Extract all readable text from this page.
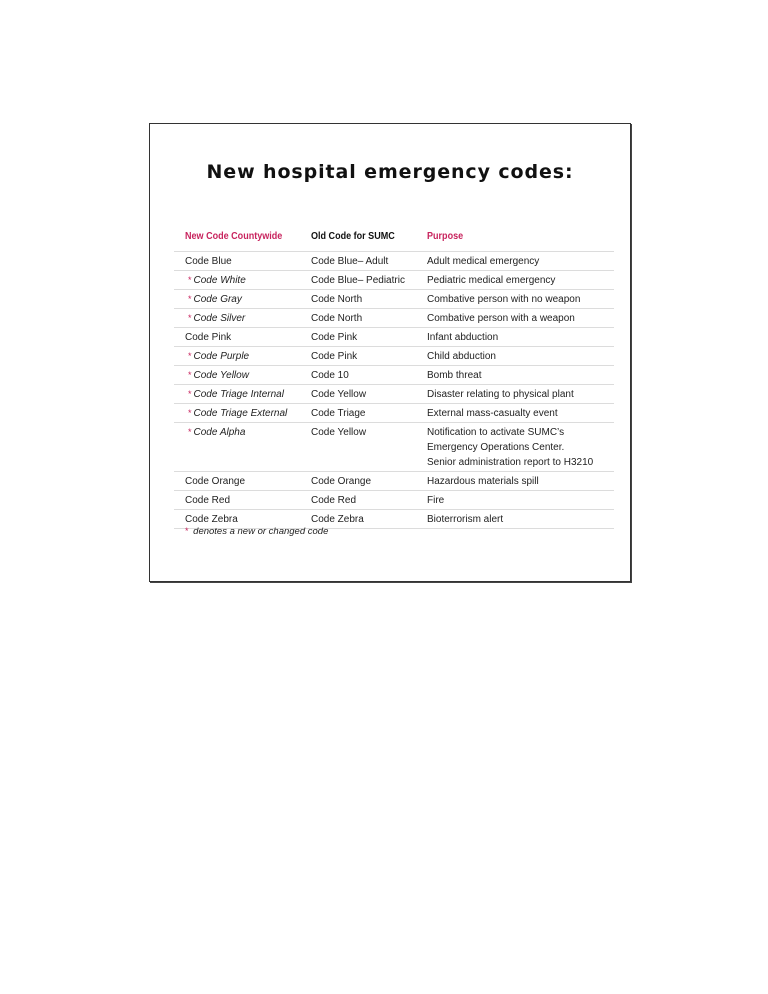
New hospital emergency codes:
New Code Countywide	Old Code for SUMC	Purpose
Code Blue	Code Blue– Adult	Adult medical emergency
* Code White	Code Blue– Pediatric	Pediatric medical emergency
* Code Gray	Code North	Combative person with no weapon
* Code Silver	Code North	Combative person with a weapon
Code Pink	Code Pink	Infant abduction
* Code Purple	Code Pink	Child abduction
* Code Yellow	Code 10	Bomb threat
* Code Triage Internal	Code Yellow	Disaster relating to physical plant
* Code Triage External	Code Triage	External mass-casualty event
* Code Alpha	Code Yellow	Notification to activate SUMC’s
Emergency Operations Center.
Senior administration report to H3210
Code Orange	Code Orange	Hazardous materials spill
Code Red	Code Red	Fire
Code Zebra	Code Zebra	Bioterrorism alert
* denotes a new or changed code
